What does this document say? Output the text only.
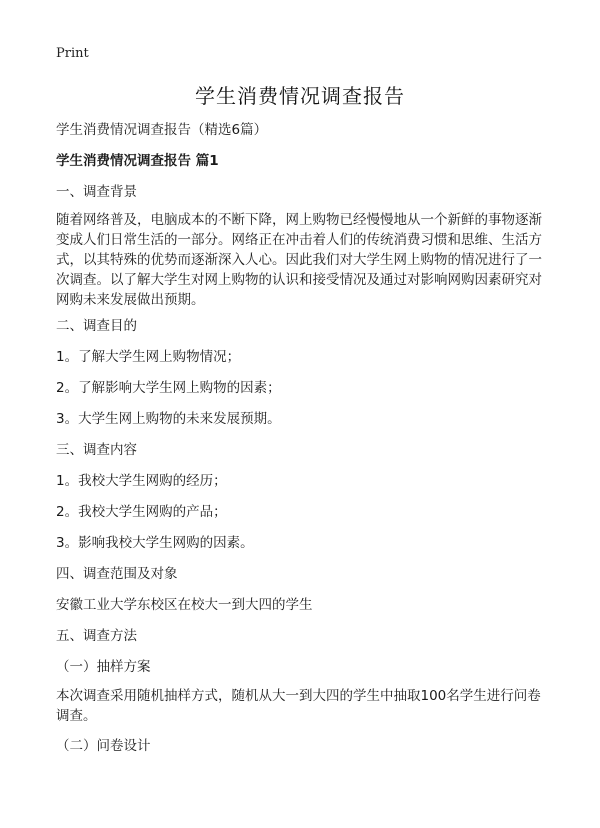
Print
学生消费情况调查报告
学生消费情况调查报告（精选6篇）
学生消费情况调查报告 篇1
一、调查背景
随着网络普及，电脑成本的不断下降，网上购物已经慢慢地从一个新鲜的事物逐渐
变成人们日常生活的一部分。网络正在冲击着人们的传统消费习惯和思维、生活方
式，以其特殊的优势而逐渐深入人心。因此我们对大学生网上购物的情况进行了一
次调查。以了解大学生对网上购物的认识和接受情况及通过对影响网购因素研究对
网购未来发展做出预期。
二、调查目的
1。了解大学生网上购物情况；
2。了解影响大学生网上购物的因素；
3。大学生网上购物的未来发展预期。
三、调查内容
1。我校大学生网购的经历；
2。我校大学生网购的产品；
3。影响我校大学生网购的因素。
四、调查范围及对象
安徽工业大学东校区在校大一到大四的学生
五、调查方法
（一）抽样方案
本次调查采用随机抽样方式，随机从大一到大四的学生中抽取100名学生进行问卷
调查。
（二）问卷设计
